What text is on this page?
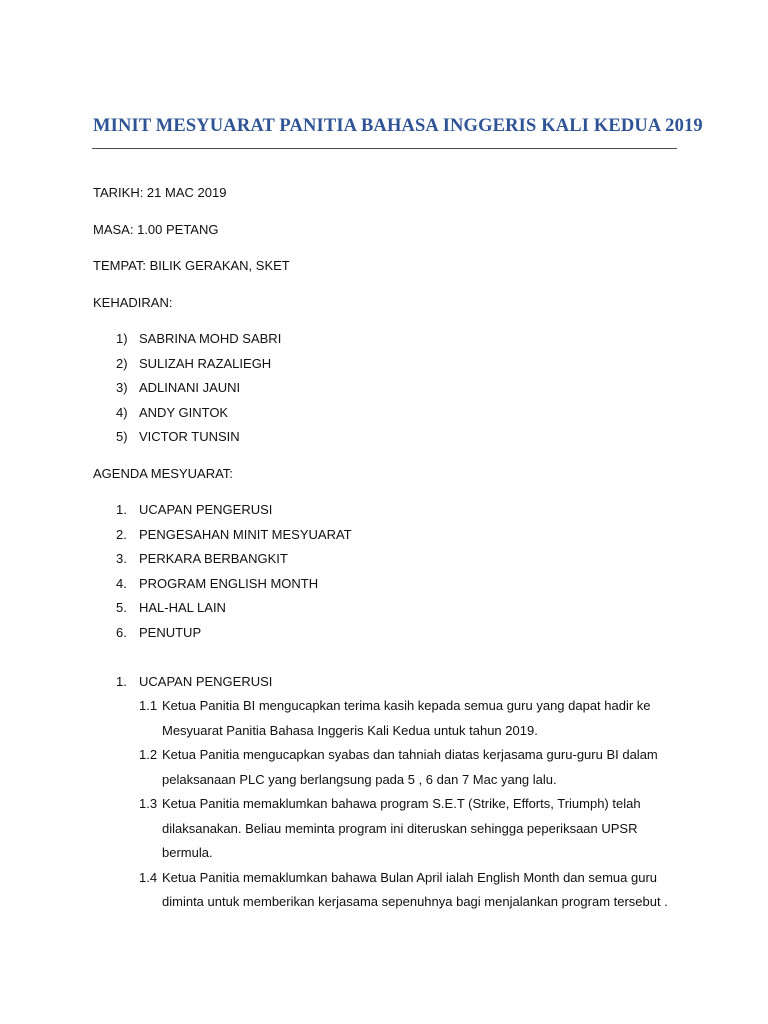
MINIT MESYUARAT PANITIA BAHASA INGGERIS KALI KEDUA 2019
TARIKH: 21 MAC 2019
MASA: 1.00 PETANG
TEMPAT: BILIK GERAKAN, SKET
KEHADIRAN:
1) SABRINA MOHD SABRI
2) SULIZAH RAZALIEGH
3) ADLINANI JAUNI
4) ANDY GINTOK
5) VICTOR TUNSIN
AGENDA MESYUARAT:
1. UCAPAN PENGERUSI
2. PENGESAHAN MINIT MESYUARAT
3. PERKARA BERBANGKIT
4. PROGRAM ENGLISH MONTH
5. HAL-HAL LAIN
6. PENUTUP
1. UCAPAN PENGERUSI
1.1 Ketua Panitia BI mengucapkan terima kasih kepada semua guru yang dapat hadir ke
Mesyuarat Panitia Bahasa Inggeris Kali Kedua untuk tahun 2019.
1.2 Ketua Panitia mengucapkan syabas dan tahniah diatas kerjasama guru-guru BI dalam
pelaksanaan PLC yang berlangsung pada 5 , 6 dan 7 Mac yang lalu.
1.3 Ketua Panitia memaklumkan bahawa program S.E.T (Strike, Efforts, Triumph) telah
dilaksanakan. Beliau meminta program ini diteruskan sehingga peperiksaan UPSR
bermula.
1.4 Ketua Panitia memaklumkan bahawa Bulan April ialah English Month dan semua guru
diminta untuk memberikan kerjasama sepenuhnya bagi menjalankan program tersebut .
